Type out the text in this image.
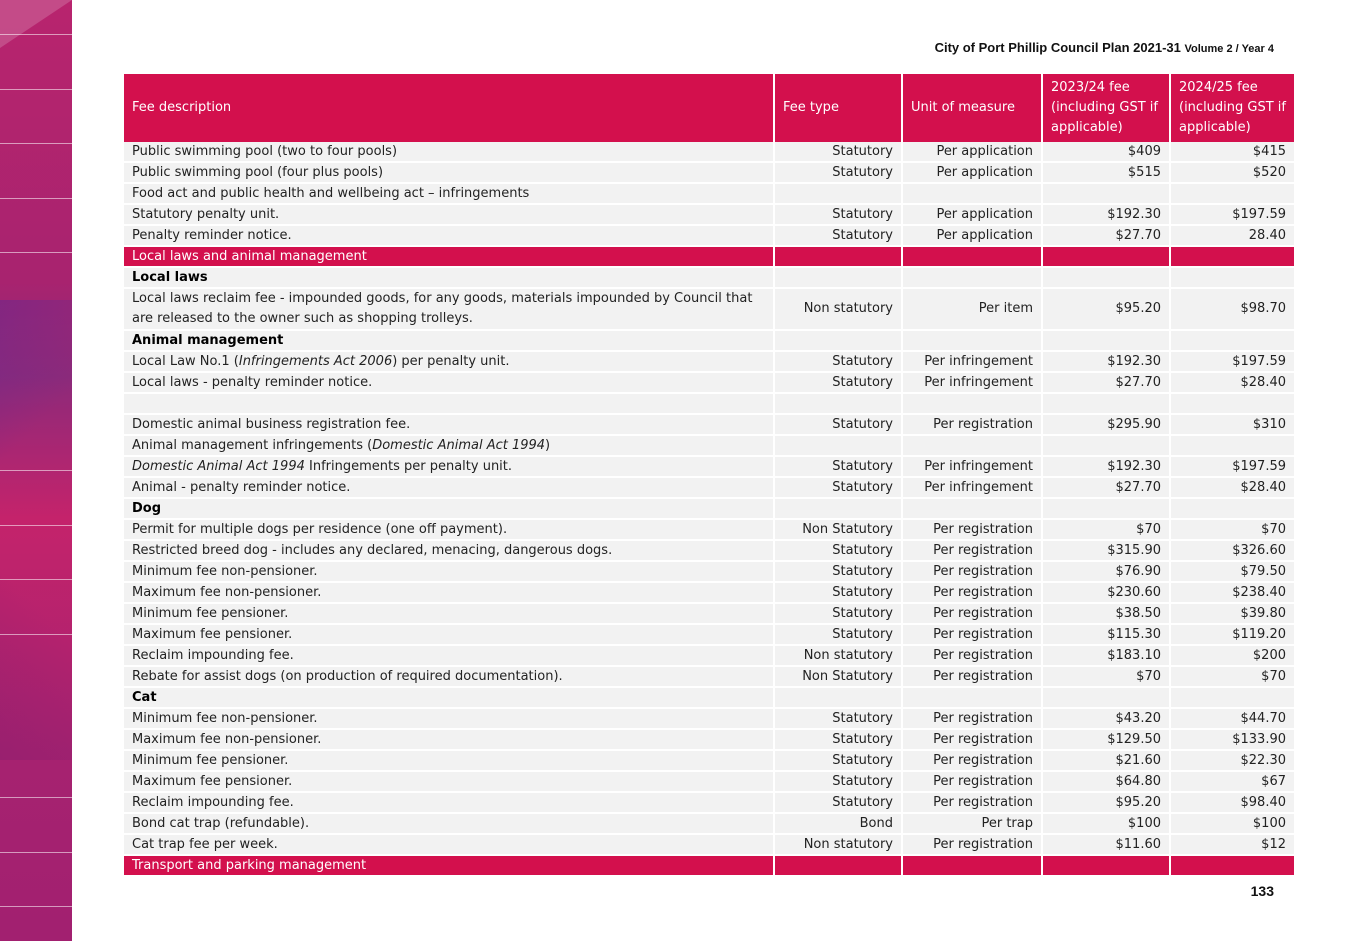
City of Port Phillip Council Plan 2021-31 Volume 2 / Year 4
Fee description	Fee type	Unit of measure	2023/24 fee (including GST if applicable)	2024/25 fee (including GST if applicable)
Public swimming pool (two to four pools)	Statutory	Per application	$409	$415
Public swimming pool (four plus pools)	Statutory	Per application	$515	$520
Food act and public health and wellbeing act – infringements				
Statutory penalty unit.	Statutory	Per application	$192.30	$197.59
Penalty reminder notice.	Statutory	Per application	$27.70	28.40
Local laws and animal management				
Local laws				
Local laws reclaim fee - impounded goods, for any goods, materials impounded by Council that are released to the owner such as shopping trolleys.	Non statutory	Per item	$95.20	$98.70
Animal management				
Local Law No.1 (Infringements Act 2006) per penalty unit.	Statutory	Per infringement	$192.30	$197.59
Local laws - penalty reminder notice.	Statutory	Per infringement	$27.70	$28.40

Domestic animal business registration fee.	Statutory	Per registration	$295.90	$310
Animal management infringements (Domestic Animal Act 1994)				
Domestic Animal Act 1994 Infringements per penalty unit.	Statutory	Per infringement	$192.30	$197.59
Animal - penalty reminder notice.	Statutory	Per infringement	$27.70	$28.40
Dog				
Permit for multiple dogs per residence (one off payment).	Non Statutory	Per registration	$70	$70
Restricted breed dog - includes any declared, menacing, dangerous dogs.	Statutory	Per registration	$315.90	$326.60
Minimum fee non-pensioner.	Statutory	Per registration	$76.90	$79.50
Maximum fee non-pensioner.	Statutory	Per registration	$230.60	$238.40
Minimum fee pensioner.	Statutory	Per registration	$38.50	$39.80
Maximum fee pensioner.	Statutory	Per registration	$115.30	$119.20
Reclaim impounding fee.	Non statutory	Per registration	$183.10	$200
Rebate for assist dogs (on production of required documentation).	Non Statutory	Per registration	$70	$70
Cat				
Minimum fee non-pensioner.	Statutory	Per registration	$43.20	$44.70
Maximum fee non-pensioner.	Statutory	Per registration	$129.50	$133.90
Minimum fee pensioner.	Statutory	Per registration	$21.60	$22.30
Maximum fee pensioner.	Statutory	Per registration	$64.80	$67
Reclaim impounding fee.	Statutory	Per registration	$95.20	$98.40
Bond cat trap (refundable).	Bond	Per trap	$100	$100
Cat trap fee per week.	Non statutory	Per registration	$11.60	$12
Transport and parking management				
133
